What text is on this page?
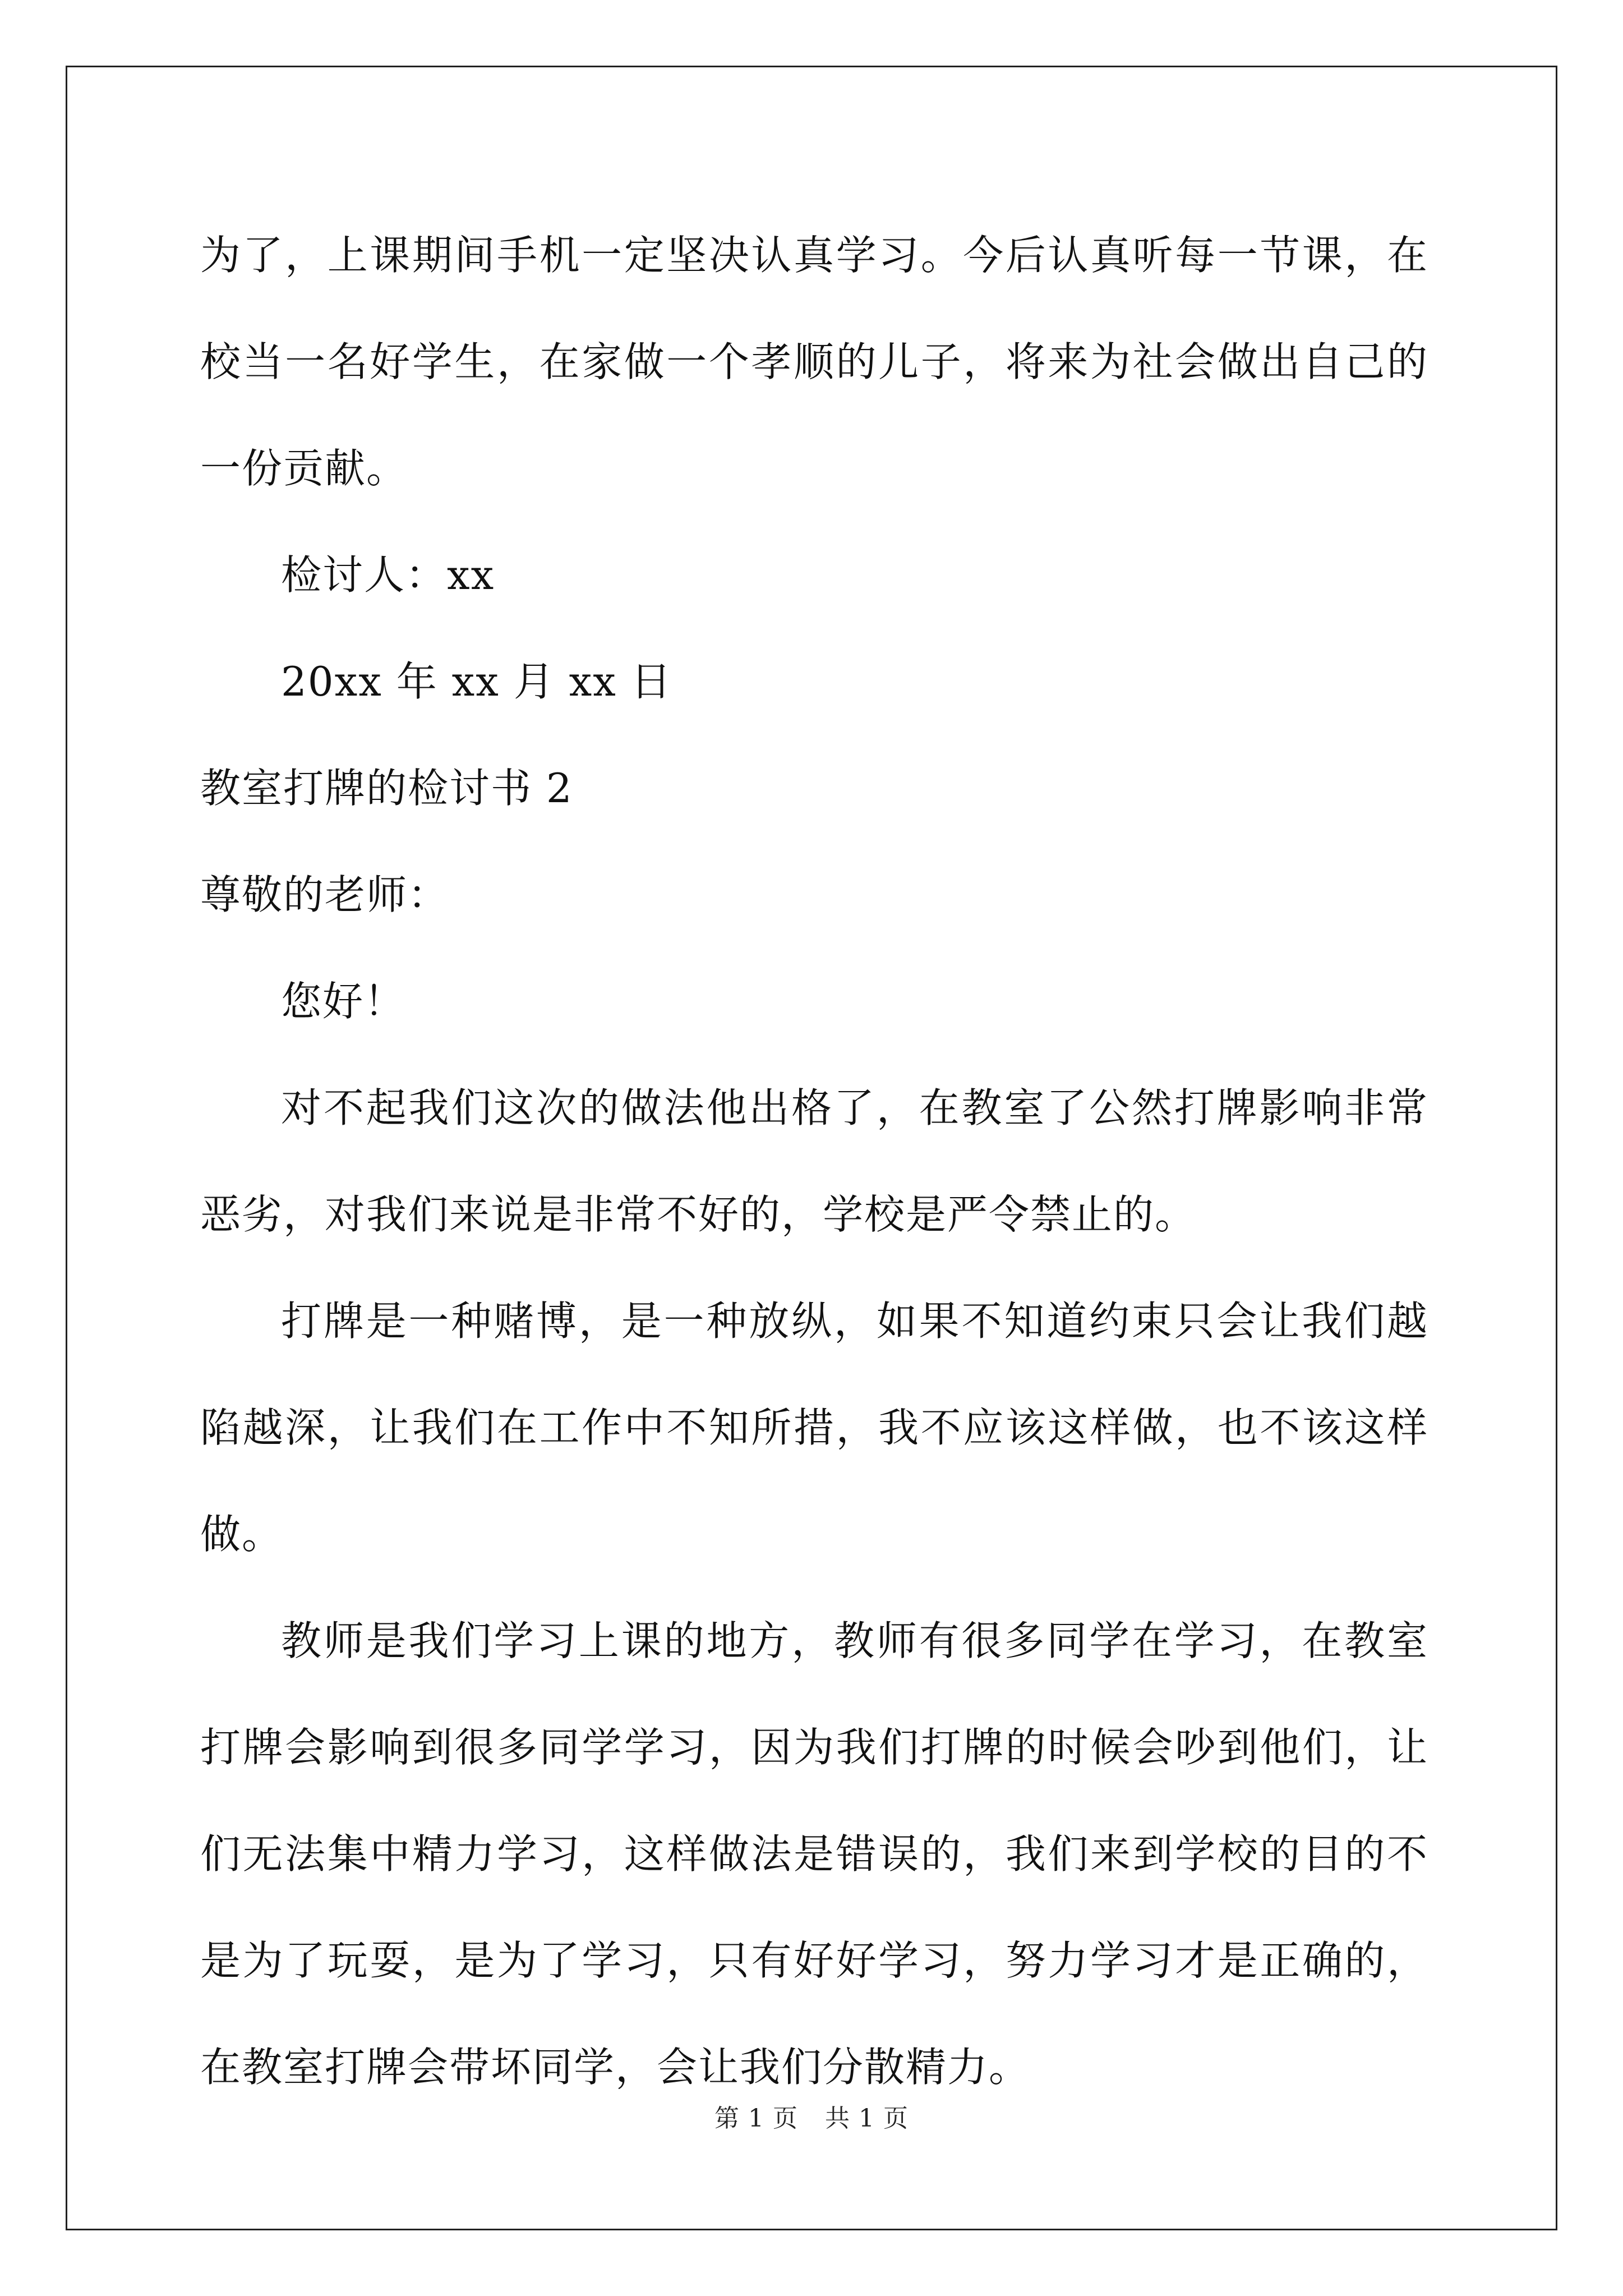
为了，上课期间手机一定坚决认真学习。今后认真听每一节课，在校当一名好学生，在家做一个孝顺的儿子，将来为社会做出自己的一份贡献。

检讨人：xx

20xx 年 xx 月 xx 日

教室打牌的检讨书 2

尊敬的老师：

您好！

对不起我们这次的做法他出格了，在教室了公然打牌影响非常恶劣，对我们来说是非常不好的，学校是严令禁止的。

打牌是一种赌博，是一种放纵，如果不知道约束只会让我们越陷越深，让我们在工作中不知所措，我不应该这样做，也不该这样做。

教师是我们学习上课的地方，教师有很多同学在学习，在教室打牌会影响到很多同学学习，因为我们打牌的时候会吵到他们，让们无法集中精力学习，这样做法是错误的，我们来到学校的目的不是为了玩耍，是为了学习，只有好好学习，努力学习才是正确的，在教室打牌会带坏同学，会让我们分散精力。

第 1 页 共 1 页
